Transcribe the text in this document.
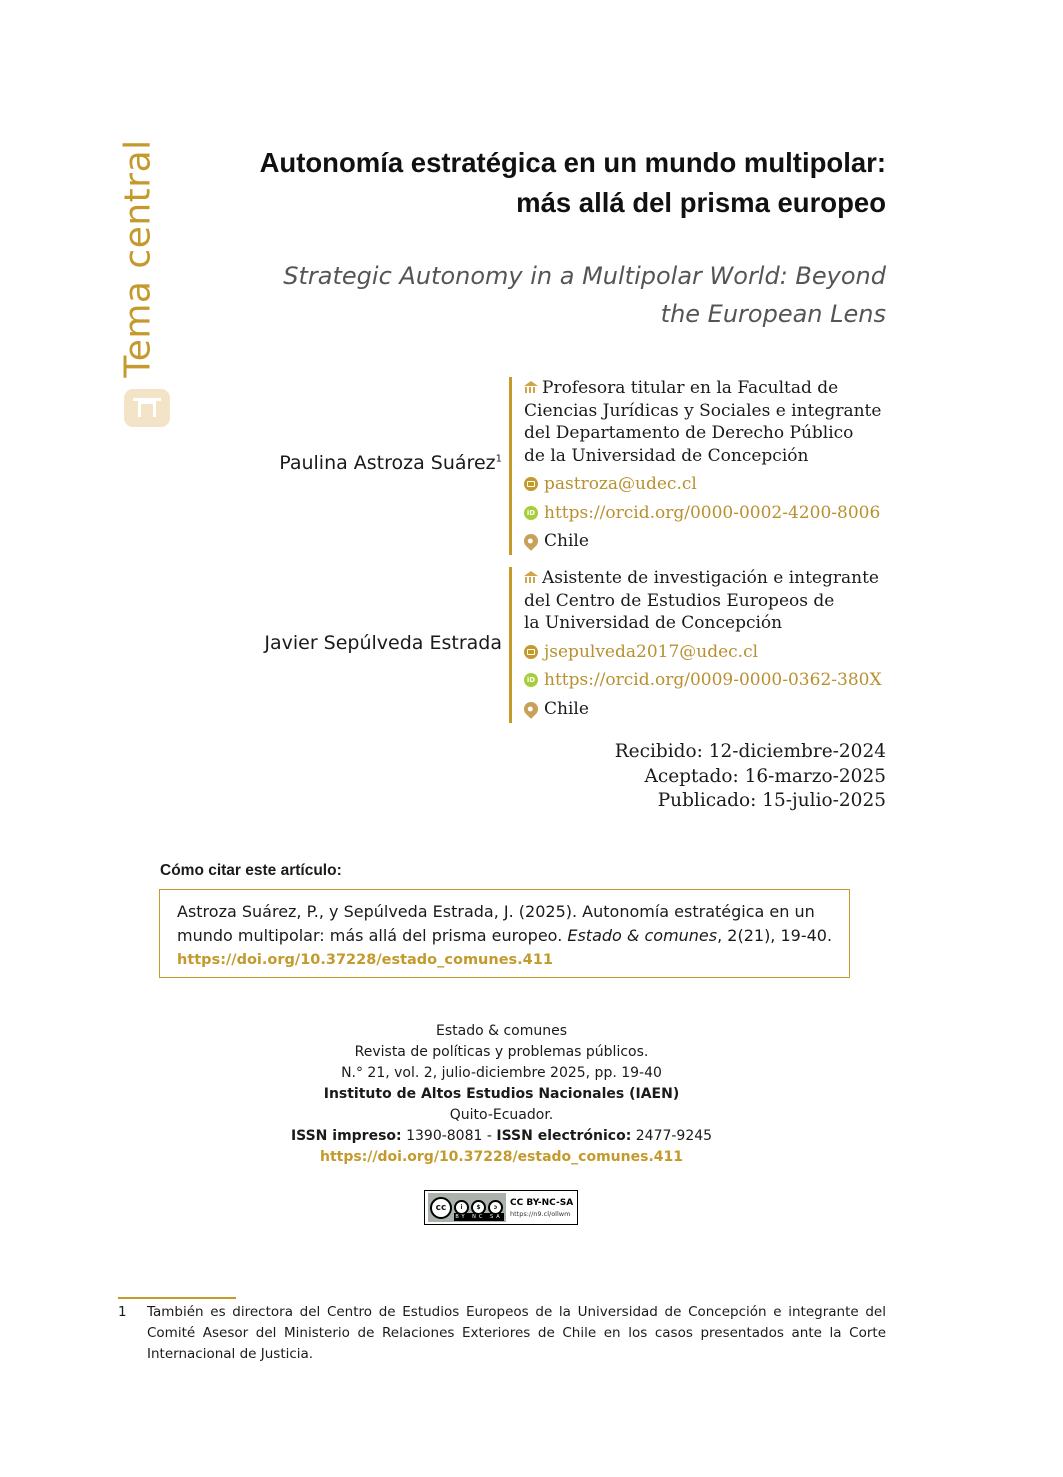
Tema central	Autonomía estratégica en un mundo multipolar:
más allá del prisma europeo
Strategic Autonomy in a Multipolar World: Beyond
the European Lens
Paulina Astroza Suárez$^1$
Profesora titular en la Facultad de
Ciencias Jurídicas y Sociales e integrante
del Departamento de Derecho Público
de la Universidad de Concepción
pastroza@udec.cl
iD
https://orcid.org/0000-0002-4200-8006
Chile
Javier Sepúlveda Estrada
Asistente de investigación e integrante
del Centro de Estudios Europeos de
la Universidad de Concepción
jsepulveda2017@udec.cl
iD
https://orcid.org/0009-0000-0362-380X
Chile
Recibido: 12-diciembre-2024
Aceptado: 16-marzo-2025
Publicado: 15-julio-2025
Cómo citar este artículo:
Astroza Suárez, P., y Sepúlveda Estrada, J. (2025). Autonomía estratégica en un mundo multipolar: más allá del prisma europeo. Estado & comunes, 2(21), 19-40.
https://doi.org/10.37228/estado_comunes.411
Estado & comunes
Revista de políticas y problemas públicos.
N.° 21, vol. 2, julio-diciembre 2025, pp. 19-40
Instituto de Altos Estudios Nacionales (IAEN)
Quito-Ecuador.
ISSN impreso: 1390-8081 - ISSN electrónico: 2477-9245
https://doi.org/10.37228/estado_comunes.411
cc	i	$	ↄ
BY NC SA
CC BY-NC-SA
https://n9.cl/ollwm
1 También es directora del Centro de Estudios Europeos de la Universidad de Concepción e integrante del Comité Asesor del Ministerio de Relaciones Exteriores de Chile en los casos presentados ante la Corte Internacional de Justicia.
